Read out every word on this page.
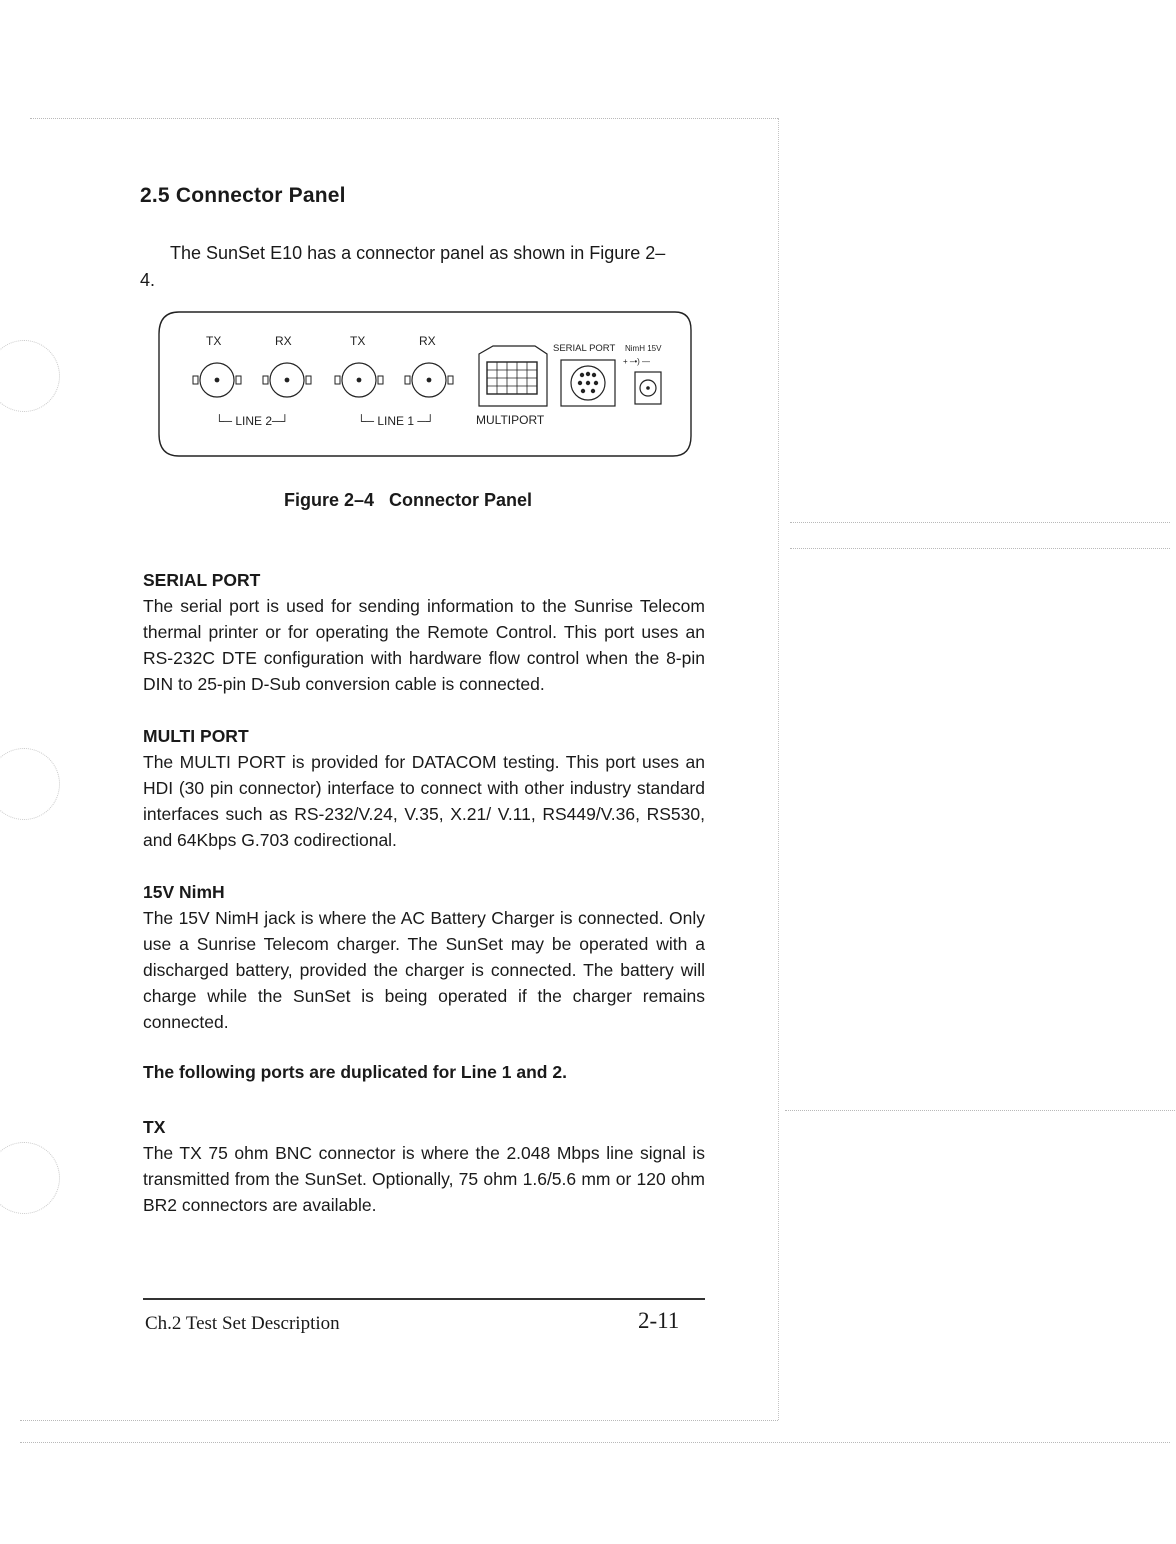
2.5 Connector Panel

The SunSet E10 has a connector panel as shown in Figure 2–
4.

TX	RX	TX	RX
└─ LINE 2─┘	└─ LINE 1 ─┘	MULTIPORT
SERIAL PORT NimH 15V
+ –•) —

Figure 2–4   Connector Panel

SERIAL PORT

The serial port is used for sending information to the Sunrise Telecom thermal printer or for operating the Remote Control. This port uses an RS-232C DTE configuration with hardware flow control when the 8-pin DIN to 25-pin D-Sub conversion cable is connected.

MULTI PORT

The MULTI PORT is provided for DATACOM testing. This port uses an HDI (30 pin connector) interface to connect with other industry standard interfaces such as RS-232/V.24, V.35, X.21/ V.11, RS449/V.36, RS530, and 64Kbps G.703 codirectional.

15V NimH

The 15V NimH jack is where the AC Battery Charger is connected. Only use a Sunrise Telecom charger. The SunSet may be operated with a discharged battery, provided the charger is connected. The battery will charge while the SunSet is being operated if the charger remains connected.

The following ports are duplicated for Line 1 and 2.

TX

The TX 75 ohm BNC connector is where the 2.048 Mbps line signal is transmitted from the SunSet. Optionally, 75 ohm 1.6/5.6 mm or 120 ohm BR2 connectors are available.

Ch.2 Test Set Description	2-11
